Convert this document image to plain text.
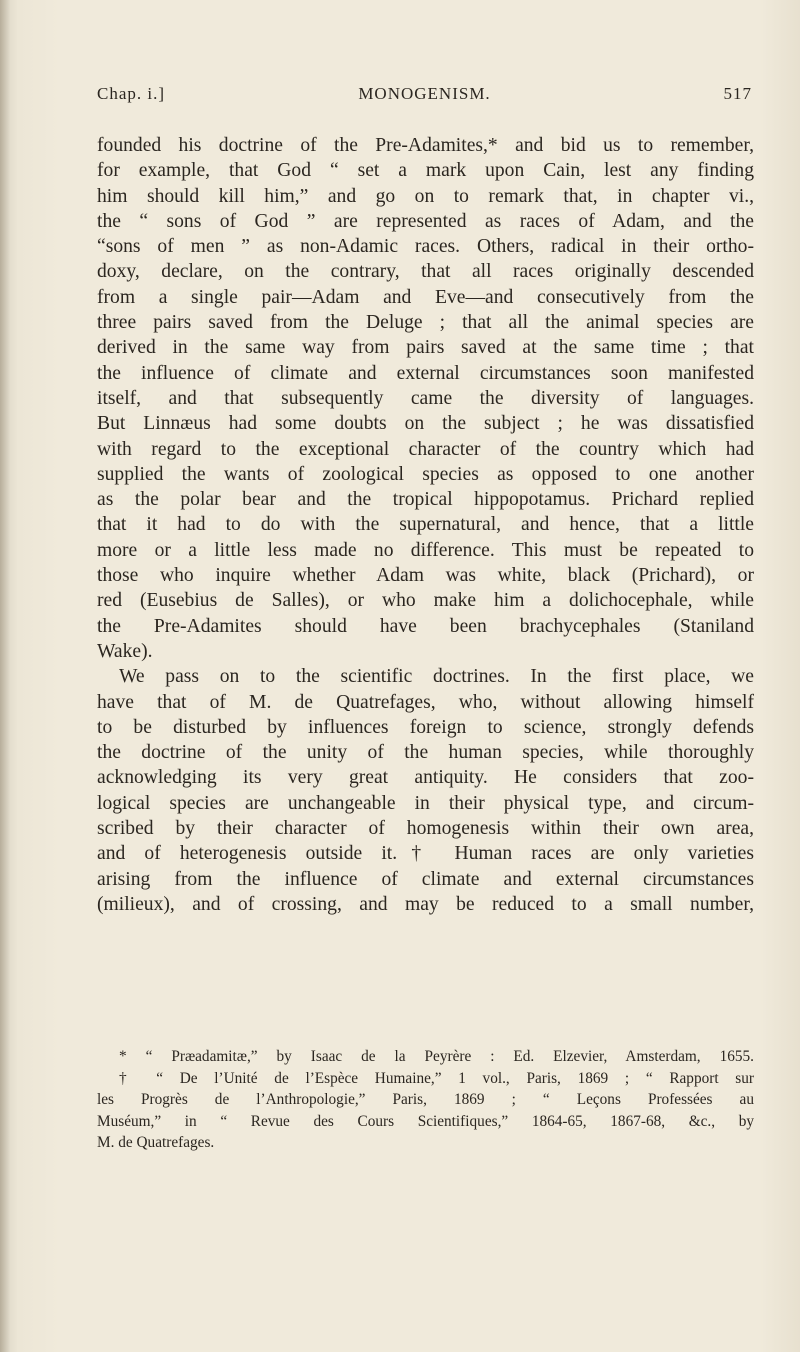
Chap. i.]	MONOGENISM.	517
founded his doctrine of the Pre-Adamites,* and bid us to remember,
for example, that God “ set a mark upon Cain, lest any finding
him should kill him,” and go on to remark that, in chapter vi.,
the “ sons of God ” are represented as races of Adam, and the
“sons of men ” as non-Adamic races. Others, radical in their ortho-
doxy, declare, on the contrary, that all races originally descended
from a single pair—Adam and Eve—and consecutively from the
three pairs saved from the Deluge ; that all the animal species are
derived in the same way from pairs saved at the same time ; that
the influence of climate and external circumstances soon manifested
itself, and that subsequently came the diversity of languages.
But Linnæus had some doubts on the subject ; he was dissatisfied
with regard to the exceptional character of the country which had
supplied the wants of zoological species as opposed to one another
as the polar bear and the tropical hippopotamus. Prichard replied
that it had to do with the supernatural, and hence, that a little
more or a little less made no difference. This must be repeated to
those who inquire whether Adam was white, black (Prichard), or
red (Eusebius de Salles), or who make him a dolichocephale, while
the Pre-Adamites should have been brachycephales (Staniland
Wake).
We pass on to the scientific doctrines. In the first place, we
have that of M. de Quatrefages, who, without allowing himself
to be disturbed by influences foreign to science, strongly defends
the doctrine of the unity of the human species, while thoroughly
acknowledging its very great antiquity. He considers that zoo-
logical species are unchangeable in their physical type, and circum-
scribed by their character of homogenesis within their own area,
and of heterogenesis outside it.† Human races are only varieties
arising from the influence of climate and external circumstances
(milieux), and of crossing, and may be reduced to a small number,
* “ Præadamitæ,” by Isaac de la Peyrère : Ed. Elzevier, Amsterdam, 1655.
† “ De l’Unité de l’Espèce Humaine,” 1 vol., Paris, 1869 ; “ Rapport sur
les Progrès de l’Anthropologie,” Paris, 1869 ; “ Leçons Professées au
Muséum,” in “ Revue des Cours Scientifiques,” 1864-65, 1867-68, &c., by
M. de Quatrefages.
